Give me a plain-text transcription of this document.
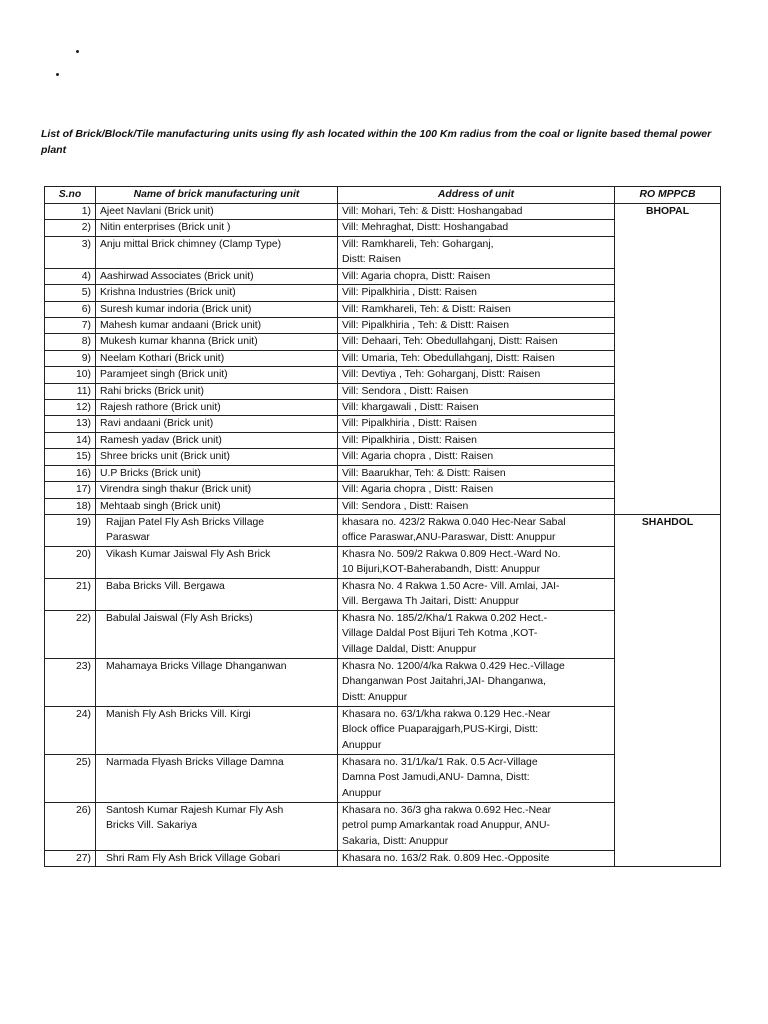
List of Brick/Block/Tile manufacturing units using fly ash located within the 100 Km radius from the coal or lignite based themal power plant
S.no	Name of brick manufacturing unit	Address of unit	RO MPPCB
1)	Ajeet Navlani (Brick unit)	Vill: Mohari, Teh: & Distt: Hoshangabad	BHOPAL
2)	Nitin enterprises (Brick unit )	Vill: Mehraghat, Distt: Hoshangabad	
3)	Anju mittal Brick chimney (Clamp Type)	Vill: Ramkhareli, Teh: Goharganj,
Distt: Raisen	
4)	Aashirwad Associates (Brick unit)	Vill: Agaria chopra, Distt: Raisen	
5)	Krishna Industries (Brick unit)	Vill: Pipalkhiria , Distt: Raisen	
6)	Suresh kumar indoria (Brick unit)	Vill: Ramkhareli, Teh: & Distt: Raisen	
7)	Mahesh kumar andaani (Brick unit)	Vill: Pipalkhiria , Teh: & Distt: Raisen	
8)	Mukesh kumar khanna (Brick unit)	Vill: Dehaari, Teh: Obedullahganj, Distt: Raisen	
9)	Neelam Kothari (Brick unit)	Vill: Umaria, Teh: Obedullahganj, Distt: Raisen	
10)	Paramjeet singh (Brick unit)	Vill: Devtiya , Teh: Goharganj, Distt: Raisen	
11)	Rahi bricks (Brick unit)	Vill: Sendora , Distt: Raisen	
12)	Rajesh rathore (Brick unit)	Vill: khargawali , Distt: Raisen	
13)	Ravi andaani (Brick unit)	Vill: Pipalkhiria , Distt: Raisen	
14)	Ramesh yadav (Brick unit)	Vill: Pipalkhiria , Distt: Raisen	
15)	Shree bricks unit (Brick unit)	Vill: Agaria chopra , Distt: Raisen	
16)	U.P Bricks (Brick unit)	Vill: Baarukhar, Teh: & Distt: Raisen	
17)	Virendra singh thakur (Brick unit)	Vill: Agaria chopra , Distt: Raisen	
18)	Mehtaab singh (Brick unit)	Vill: Sendora , Distt: Raisen	
19)	Rajjan Patel Fly Ash Bricks Village
Paraswar	khasara no. 423/2 Rakwa 0.040 Hec-Near Sabal
office Paraswar,ANU-Paraswar, Distt: Anuppur	SHAHDOL
20)	Vikash Kumar Jaiswal Fly Ash Brick	Khasra No. 509/2 Rakwa 0.809 Hect.-Ward No.
10 Bijuri,KOT-Baherabandh, Distt: Anuppur	
21)	Baba Bricks Vill. Bergawa	Khasra No. 4 Rakwa 1.50 Acre- Vill. Amlai, JAI-
Vill. Bergawa Th Jaitari, Distt: Anuppur	
22)	Babulal Jaiswal (Fly Ash Bricks)	Khasra No. 185/2/Kha/1 Rakwa 0.202 Hect.-
Village Daldal Post Bijuri Teh Kotma ,KOT-
Village Daldal, Distt: Anuppur	
23)	Mahamaya Bricks Village Dhanganwan	Khasra No. 1200/4/ka Rakwa 0.429 Hec.-Village
Dhanganwan Post Jaitahri,JAI- Dhanganwa,
Distt: Anuppur	
24)	Manish Fly Ash Bricks Vill. Kirgi	Khasara no. 63/1/kha rakwa 0.129 Hec.-Near
Block office Puaparajgarh,PUS-Kirgi, Distt:
Anuppur	
25)	Narmada Flyash Bricks Village Damna	Khasara no. 31/1/ka/1 Rak. 0.5 Acr-Village
Damna Post Jamudi,ANU- Damna, Distt:
Anuppur	
26)	Santosh Kumar Rajesh Kumar Fly Ash
Bricks Vill. Sakariya	Khasara no. 36/3 gha rakwa 0.692 Hec.-Near
petrol pump Amarkantak road Anuppur, ANU-
Sakaria, Distt: Anuppur	
27)	Shri Ram Fly Ash Brick Village Gobari	Khasara no. 163/2 Rak. 0.809 Hec.-Opposite	
